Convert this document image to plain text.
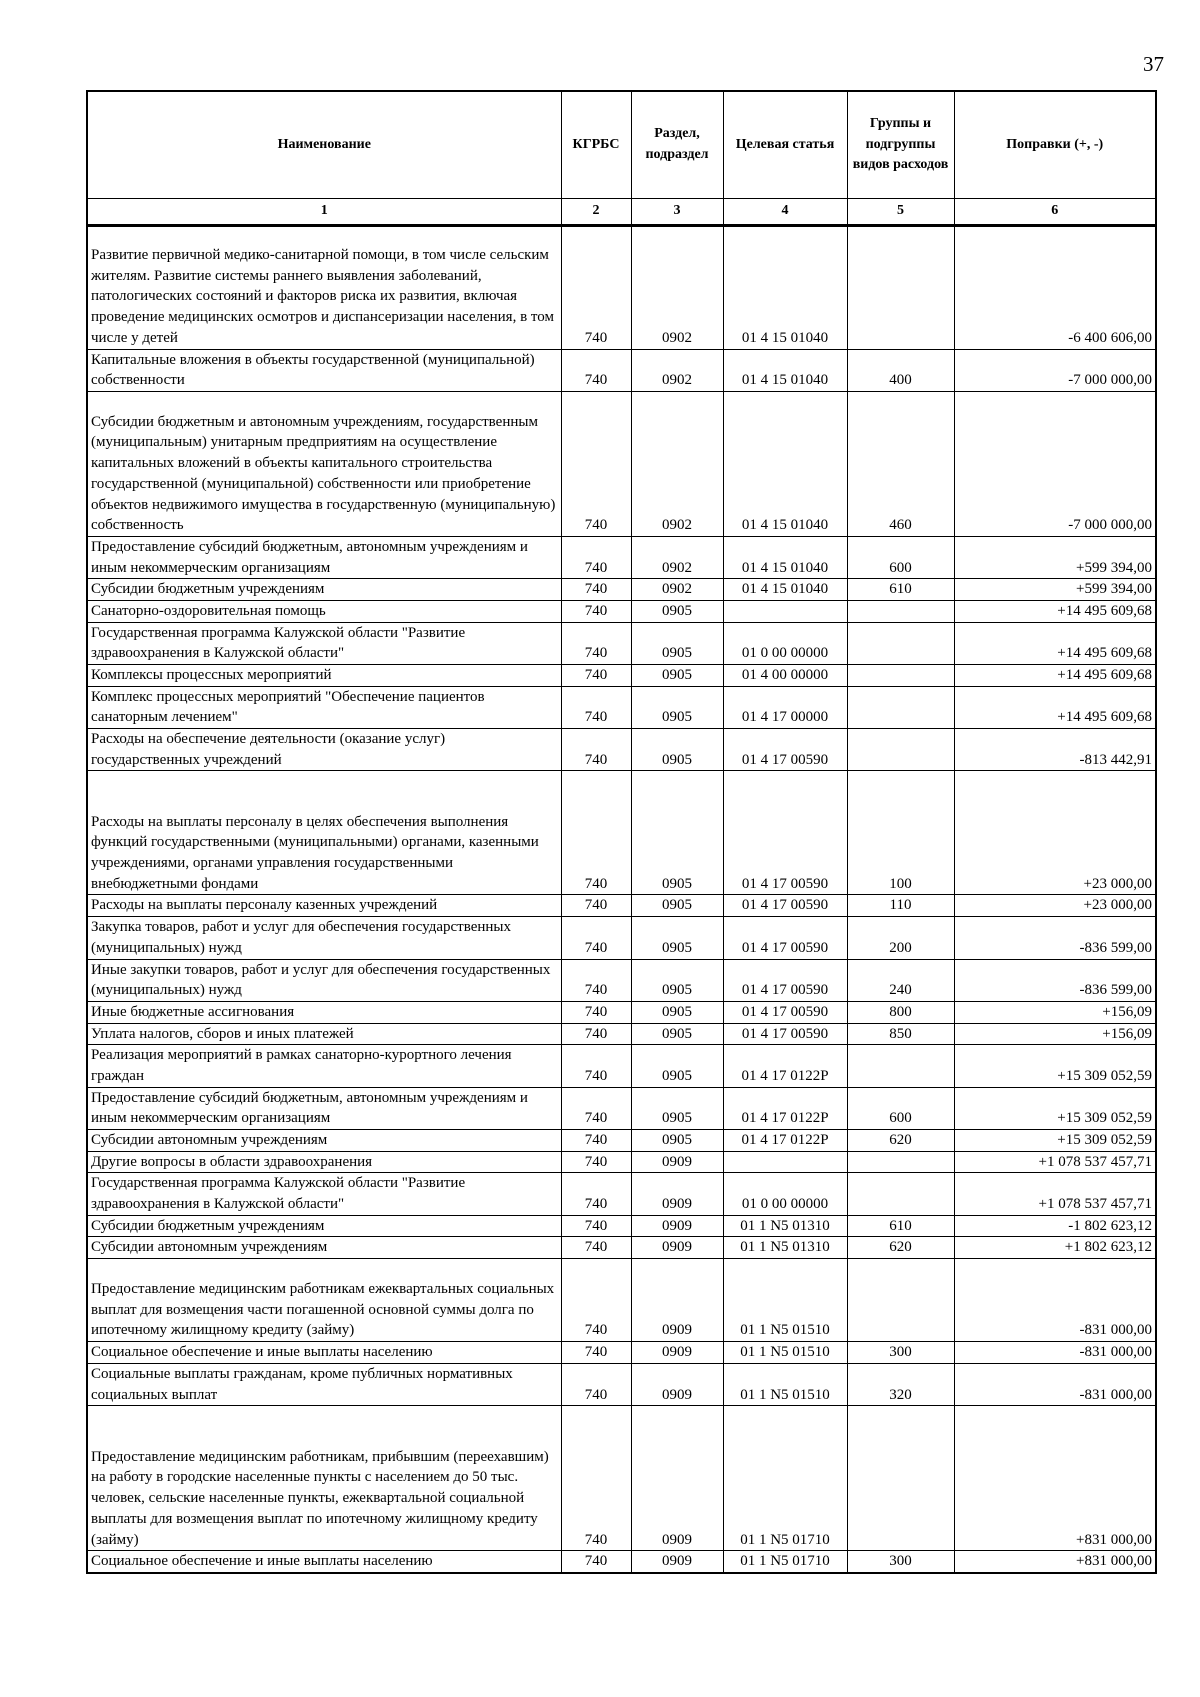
37
Наименование	КГРБС	Раздел, подраздел	Целевая статья	Группы и подгруппы видов расходов	Поправки (+, -)
1	2	3	4	5	6
Развитие первичной медико-санитарной помощи, в том числе сельским жителям. Развитие системы раннего выявления заболеваний, патологических состояний и факторов риска их развития, включая проведение медицинских осмотров и диспансеризации населения, в том числе у детей	740	0902	01 4 15 01040		-6 400 606,00
Капитальные вложения в объекты государственной (муниципальной) собственности	740	0902	01 4 15 01040	400	-7 000 000,00
Субсидии бюджетным и автономным учреждениям, государственным (муниципальным) унитарным предприятиям на осуществление капитальных вложений в объекты капитального строительства государственной (муниципальной) собственности или приобретение объектов недвижимого имущества в государственную (муниципальную) собственность	740	0902	01 4 15 01040	460	-7 000 000,00
Предоставление субсидий бюджетным, автономным учреждениям и иным некоммерческим организациям	740	0902	01 4 15 01040	600	+599 394,00
Субсидии бюджетным учреждениям	740	0902	01 4 15 01040	610	+599 394,00
Санаторно-оздоровительная помощь	740	0905			+14 495 609,68
Государственная программа Калужской области "Развитие здравоохранения в Калужской области"	740	0905	01 0 00 00000		+14 495 609,68
Комплексы процессных мероприятий	740	0905	01 4 00 00000		+14 495 609,68
Комплекс процессных мероприятий "Обеспечение пациентов санаторным лечением"	740	0905	01 4 17 00000		+14 495 609,68
Расходы на обеспечение деятельности (оказание услуг) государственных учреждений	740	0905	01 4 17 00590		-813 442,91
Расходы на выплаты персоналу в целях обеспечения выполнения функций государственными (муниципальными) органами, казенными учреждениями, органами управления государственными внебюджетными фондами	740	0905	01 4 17 00590	100	+23 000,00
Расходы на выплаты персоналу казенных учреждений	740	0905	01 4 17 00590	110	+23 000,00
Закупка товаров, работ и услуг для обеспечения государственных (муниципальных) нужд	740	0905	01 4 17 00590	200	-836 599,00
Иные закупки товаров, работ и услуг для обеспечения государственных (муниципальных) нужд	740	0905	01 4 17 00590	240	-836 599,00
Иные бюджетные ассигнования	740	0905	01 4 17 00590	800	+156,09
Уплата налогов, сборов и иных платежей	740	0905	01 4 17 00590	850	+156,09
Реализация мероприятий в рамках санаторно-курортного лечения граждан	740	0905	01 4 17 0122P		+15 309 052,59
Предоставление субсидий бюджетным, автономным учреждениям и иным некоммерческим организациям	740	0905	01 4 17 0122P	600	+15 309 052,59
Субсидии автономным учреждениям	740	0905	01 4 17 0122P	620	+15 309 052,59
Другие вопросы в области здравоохранения	740	0909			+1 078 537 457,71
Государственная программа Калужской области "Развитие здравоохранения в Калужской области"	740	0909	01 0 00 00000		+1 078 537 457,71
Субсидии бюджетным учреждениям	740	0909	01 1 N5 01310	610	-1 802 623,12
Субсидии автономным учреждениям	740	0909	01 1 N5 01310	620	+1 802 623,12
Предоставление медицинским работникам ежеквартальных социальных выплат для возмещения части погашенной основной суммы долга по ипотечному жилищному кредиту (займу)	740	0909	01 1 N5 01510		-831 000,00
Социальное обеспечение и иные выплаты населению	740	0909	01 1 N5 01510	300	-831 000,00
Социальные выплаты гражданам, кроме публичных нормативных социальных выплат	740	0909	01 1 N5 01510	320	-831 000,00
Предоставление медицинским работникам, прибывшим (переехавшим) на работу в городские населенные пункты с населением до 50 тыс. человек, сельские населенные пункты, ежеквартальной социальной выплаты для возмещения выплат по ипотечному жилищному кредиту (займу)	740	0909	01 1 N5 01710		+831 000,00
Социальное обеспечение и иные выплаты населению	740	0909	01 1 N5 01710	300	+831 000,00
